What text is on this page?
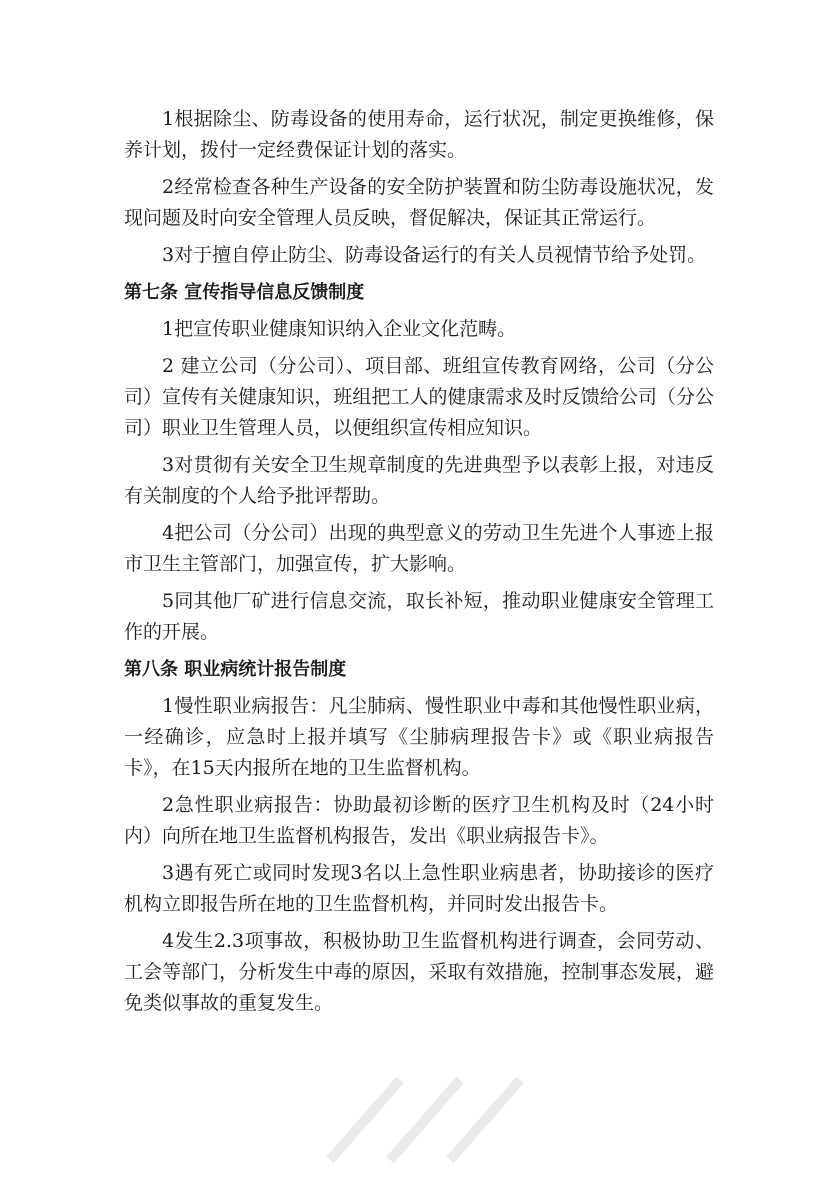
1根据除尘、防毒设备的使用寿命，运行状况，制定更换维修，保养计划，拨付一定经费保证计划的落实。

2经常检查各种生产设备的安全防护装置和防尘防毒设施状况，发现问题及时向安全管理人员反映，督促解决，保证其正常运行。

3对于擅自停止防尘、防毒设备运行的有关人员视情节给予处罚。

第七条 宣传指导信息反馈制度

1把宣传职业健康知识纳入企业文化范畴。

2 建立公司（分公司）、项目部、班组宣传教育网络，公司（分公司）宣传有关健康知识，班组把工人的健康需求及时反馈给公司（分公司）职业卫生管理人员，以便组织宣传相应知识。

3对贯彻有关安全卫生规章制度的先进典型予以表彰上报，对违反有关制度的个人给予批评帮助。

4把公司（分公司）出现的典型意义的劳动卫生先进个人事迹上报市卫生主管部门，加强宣传，扩大影响。

5同其他厂矿进行信息交流，取长补短，推动职业健康安全管理工作的开展。

第八条 职业病统计报告制度

1慢性职业病报告：凡尘肺病、慢性职业中毒和其他慢性职业病，一经确诊，应急时上报并填写《尘肺病理报告卡》或《职业病报告卡》，在15天内报所在地的卫生监督机构。

2急性职业病报告：协助最初诊断的医疗卫生机构及时（24小时内）向所在地卫生监督机构报告，发出《职业病报告卡》。

3遇有死亡或同时发现3名以上急性职业病患者，协助接诊的医疗机构立即报告所在地的卫生监督机构，并同时发出报告卡。

4发生2.3项事故，积极协助卫生监督机构进行调查，会同劳动、工会等部门，分析发生中毒的原因，采取有效措施，控制事态发展，避免类似事故的重复发生。
